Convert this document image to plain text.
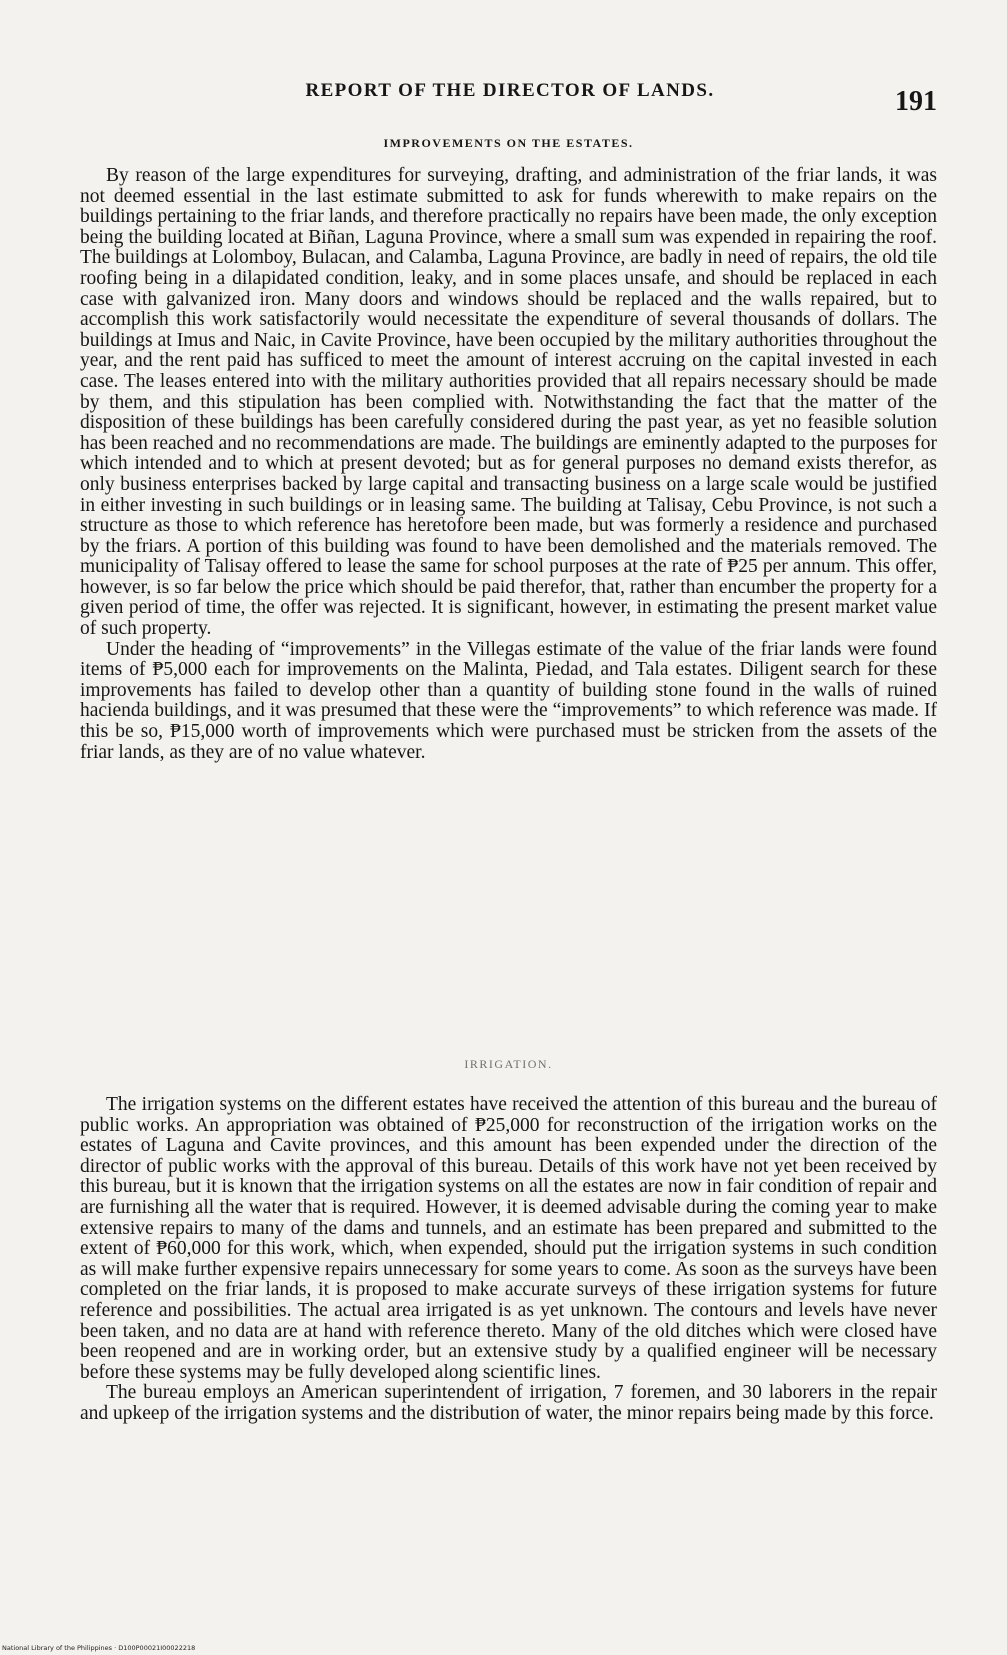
REPORT OF THE DIRECTOR OF LANDS.	191
IMPROVEMENTS ON THE ESTATES.

By reason of the large expenditures for surveying, drafting, and administration of the friar lands, it was not deemed essential in the last estimate submitted to ask for funds wherewith to make repairs on the buildings pertaining to the friar lands, and therefore practically no repairs have been made, the only exception being the building located at Biñan, Laguna Province, where a small sum was expended in repairing the roof. The buildings at Lolomboy, Bulacan, and Calamba, Laguna Province, are badly in need of repairs, the old tile roofing being in a dilapidated condition, leaky, and in some places unsafe, and should be replaced in each case with galvanized iron. Many doors and windows should be replaced and the walls repaired, but to accomplish this work satisfactorily would necessitate the expenditure of several thousands of dollars. The buildings at Imus and Naic, in Cavite Province, have been occupied by the military authorities throughout the year, and the rent paid has sufficed to meet the amount of interest accruing on the capital invested in each case. The leases entered into with the military authorities provided that all repairs necessary should be made by them, and this stipulation has been complied with. Notwithstanding the fact that the matter of the disposition of these buildings has been carefully considered during the past year, as yet no feasible solution has been reached and no recommendations are made. The buildings are eminently adapted to the purposes for which intended and to which at present devoted; but as for general purposes no demand exists therefor, as only business enterprises backed by large capital and transacting business on a large scale would be justified in either investing in such buildings or in leasing same. The building at Talisay, Cebu Province, is not such a structure as those to which reference has heretofore been made, but was formerly a residence and purchased by the friars. A portion of this building was found to have been demolished and the materials removed. The municipality of Talisay offered to lease the same for school purposes at the rate of ₱25 per annum. This offer, however, is so far below the price which should be paid therefor, that, rather than encumber the property for a given period of time, the offer was rejected. It is significant, however, in estimating the present market value of such property.

Under the heading of “improvements” in the Villegas estimate of the value of the friar lands were found items of ₱5,000 each for improvements on the Malinta, Piedad, and Tala estates. Diligent search for these improvements has failed to develop other than a quantity of building stone found in the walls of ruined hacienda buildings, and it was presumed that these were the “improvements” to which reference was made. If this be so, ₱15,000 worth of improvements which were purchased must be stricken from the assets of the friar lands, as they are of no value whatever.

IRRIGATION.

The irrigation systems on the different estates have received the attention of this bureau and the bureau of public works. An appropriation was obtained of ₱25,000 for reconstruction of the irrigation works on the estates of Laguna and Cavite provinces, and this amount has been expended under the direction of the director of public works with the approval of this bureau. Details of this work have not yet been received by this bureau, but it is known that the irrigation systems on all the estates are now in fair condition of repair and are furnishing all the water that is required. However, it is deemed advisable during the coming year to make extensive repairs to many of the dams and tunnels, and an estimate has been prepared and submitted to the extent of ₱60,000 for this work, which, when expended, should put the irrigation systems in such condition as will make further expensive repairs unnecessary for some years to come. As soon as the surveys have been completed on the friar lands, it is proposed to make accurate surveys of these irrigation systems for future reference and possibilities. The actual area irrigated is as yet unknown. The contours and levels have never been taken, and no data are at hand with reference thereto. Many of the old ditches which were closed have been reopened and are in working order, but an extensive study by a qualified engineer will be necessary before these systems may be fully developed along scientific lines.

The bureau employs an American superintendent of irrigation, 7 foremen, and 30 laborers in the repair and upkeep of the irrigation systems and the distribution of water, the minor repairs being made by this force.

National Library of the Philippines · D100P00021I00022218
